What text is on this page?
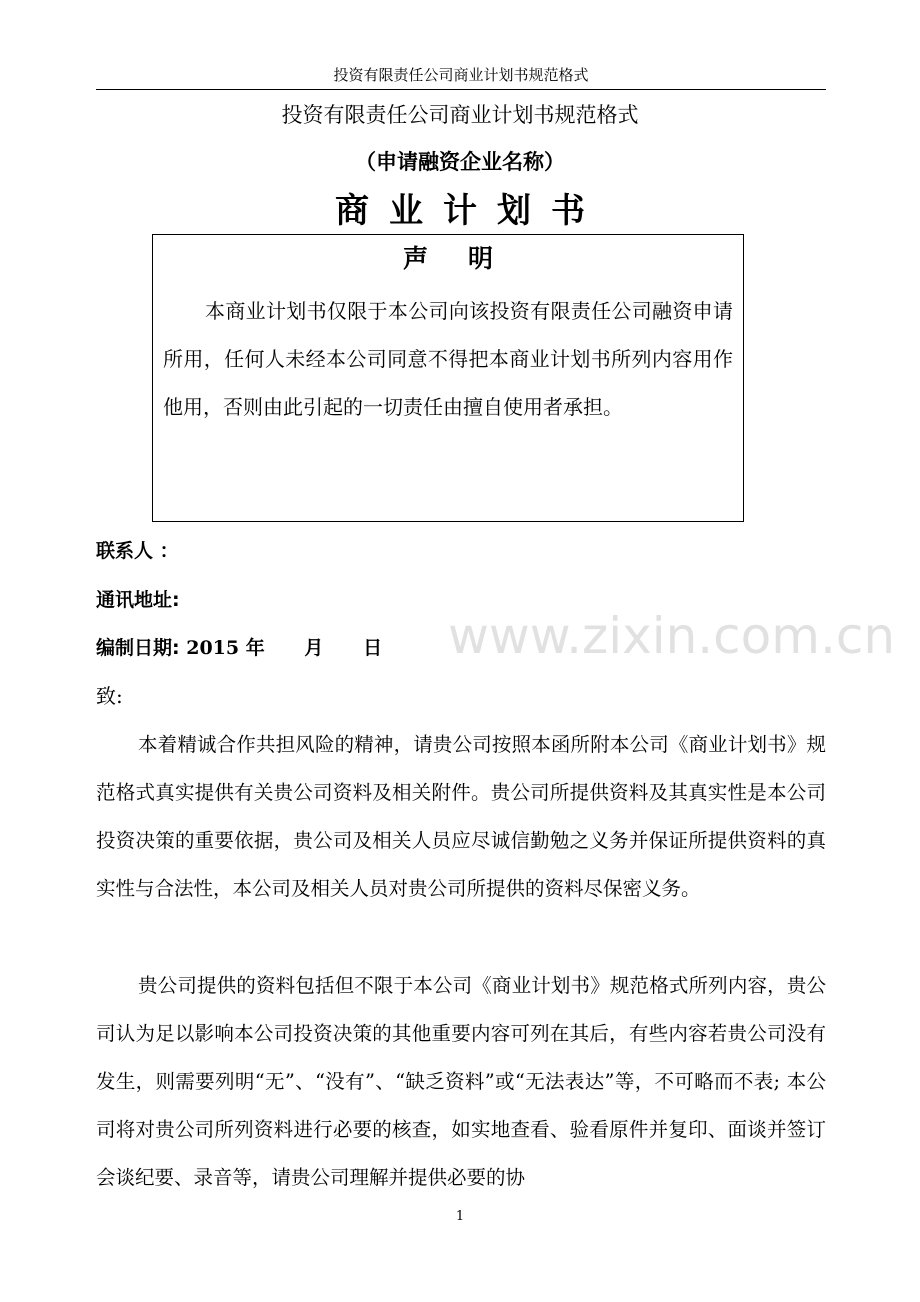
投资有限责任公司商业计划书规范格式
投资有限责任公司商业计划书规范格式
（申请融资企业名称）
商业计划书
声明
本商业计划书仅限于本公司向该投资有限责任公司融资申请所用，任何人未经本公司同意不得把本商业计划书所列内容用作他用，否则由此引起的一切责任由擅自使用者承担。
联系人 ：
通讯地址:
编制日期: 2015 年      月      日 www.zixin.com.cn
致:
本着精诚合作共担风险的精神，请贵公司按照本函所附本公司《商业计划书》规范格式真实提供有关贵公司资料及相关附件。贵公司所提供资料及其真实性是本公司投资决策的重要依据，贵公司及相关人员应尽诚信勤勉之义务并保证所提供资料的真实性与合法性，本公司及相关人员对贵公司所提供的资料尽保密义务。
贵公司提供的资料包括但不限于本公司《商业计划书》规范格式所列内容，贵公司认为足以影响本公司投资决策的其他重要内容可列在其后，有些内容若贵公司没有发生，则需要列明“无”、“没有”、“缺乏资料”或“无法表达”等，不可略而不表; 本公司将对贵公司所列资料进行必要的核查，如实地查看、验看原件并复印、面谈并签订会谈纪要、录音等，请贵公司理解并提供必要的协
1
